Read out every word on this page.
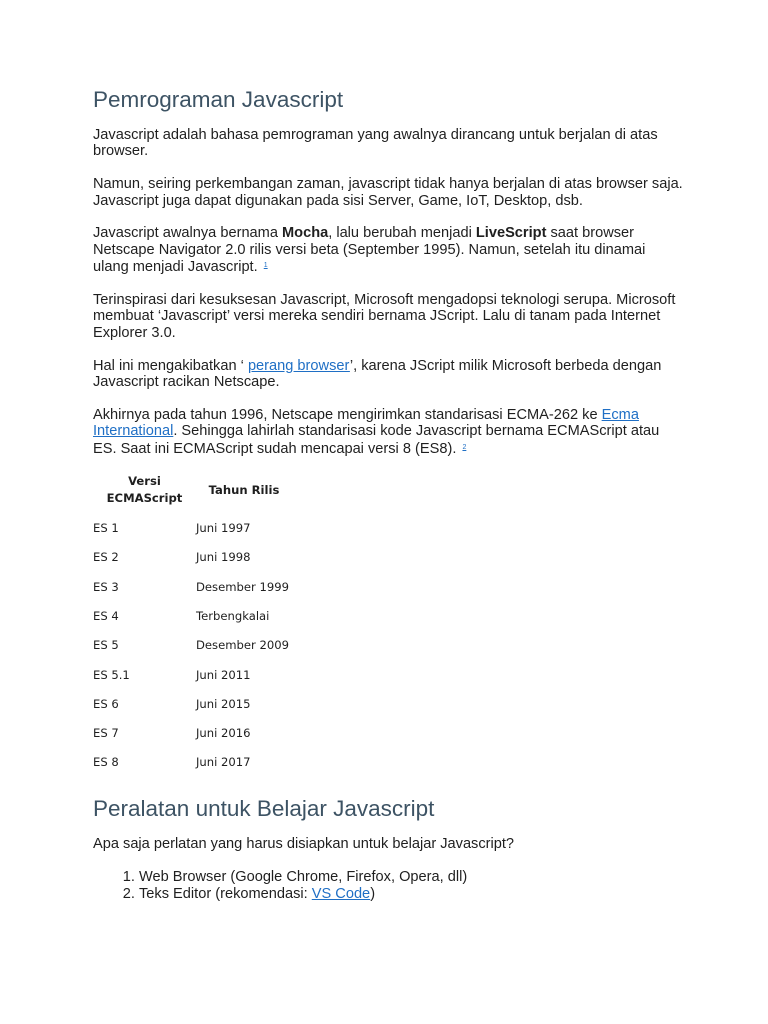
Pemrograman Javascript

Javascript adalah bahasa pemrograman yang awalnya dirancang untuk berjalan di atas browser.

Namun, seiring perkembangan zaman, javascript tidak hanya berjalan di atas browser saja. Javascript juga dapat digunakan pada sisi Server, Game, IoT, Desktop, dsb.

Javascript awalnya bernama Mocha, lalu berubah menjadi LiveScript saat browser Netscape Navigator 2.0 rilis versi beta (September 1995). Namun, setelah itu dinamai ulang menjadi Javascript. $^1$

Terinspirasi dari kesuksesan Javascript, Microsoft mengadopsi teknologi serupa. Microsoft membuat ‘Javascript’ versi mereka sendiri bernama JScript. Lalu di tanam pada Internet Explorer 3.0.

Hal ini mengakibatkan ‘ perang browser’, karena JScript milik Microsoft berbeda dengan Javascript racikan Netscape.

Akhirnya pada tahun 1996, Netscape mengirimkan standarisasi ECMA-262 ke Ecma International. Sehingga lahirlah standarisasi kode Javascript bernama ECMAScript atau ES. Saat ini ECMAScript sudah mencapai versi 8 (ES8). $^2$

Versi
ECMAScript	Tahun Rilis
ES 1	Juni 1997
ES 2	Juni 1998
ES 3	Desember 1999
ES 4	Terbengkalai
ES 5	Desember 2009
ES 5.1	Juni 2011
ES 6	Juni 2015
ES 7	Juni 2016
ES 8	Juni 2017
Peralatan untuk Belajar Javascript

Apa saja perlatan yang harus disiapkan untuk belajar Javascript?

1. Web Browser (Google Chrome, Firefox, Opera, dll)
2. Teks Editor (rekomendasi: VS Code)
